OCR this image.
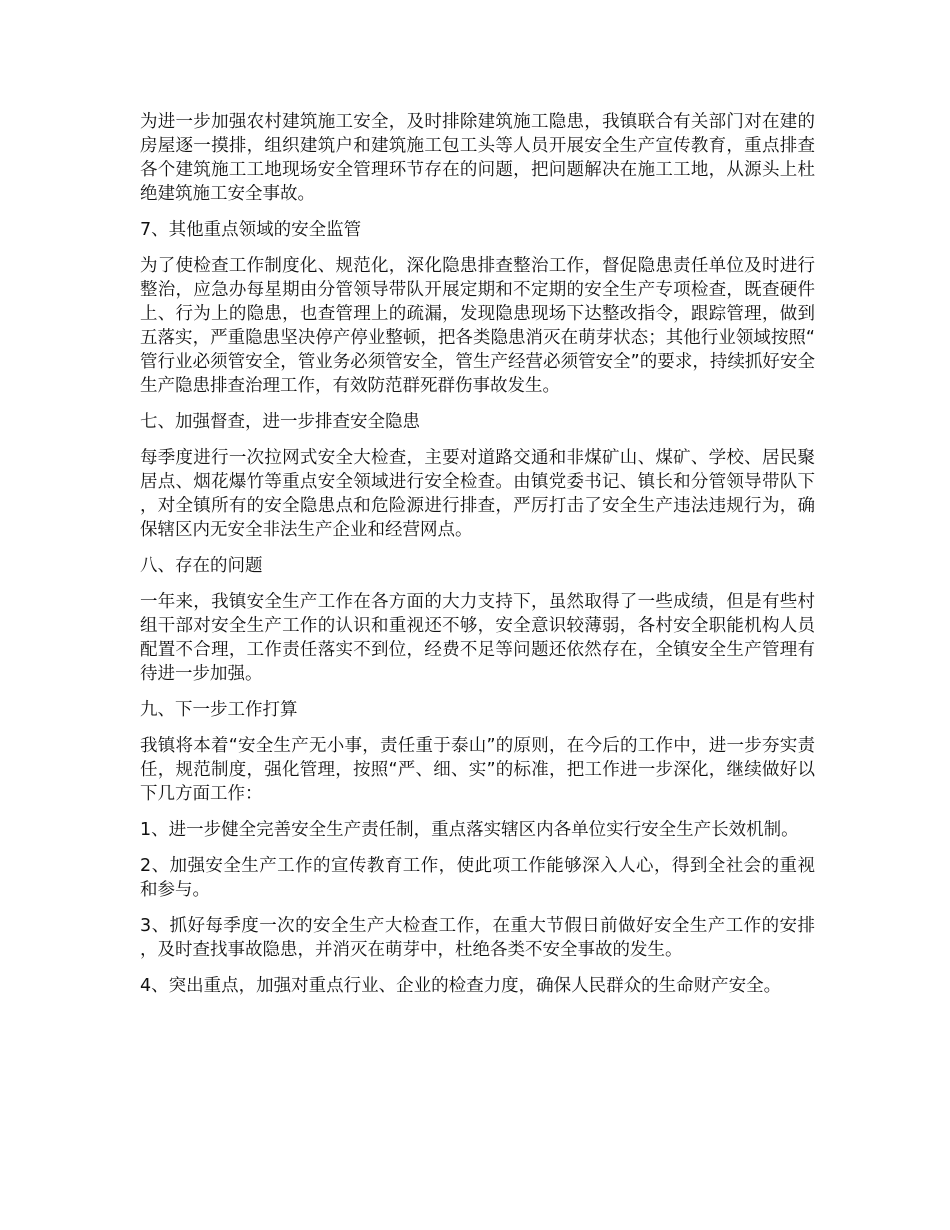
为进一步加强农村建筑施工安全，及时排除建筑施工隐患，我镇联合有关部门对在建的房屋逐一摸排，组织建筑户和建筑施工包工头等人员开展安全生产宣传教育，重点排查各个建筑施工工地现场安全管理环节存在的问题，把问题解决在施工工地，从源头上杜绝建筑施工安全事故。

7、其他重点领域的安全监管

为了使检查工作制度化、规范化，深化隐患排查整治工作，督促隐患责任单位及时进行整治，应急办每星期由分管领导带队开展定期和不定期的安全生产专项检查，既查硬件上、行为上的隐患，也查管理上的疏漏，发现隐患现场下达整改指令，跟踪管理，做到五落实，严重隐患坚决停产停业整顿，把各类隐患消灭在萌芽状态；其他行业领域按照“管行业必须管安全，管业务必须管安全，管生产经营必须管安全”的要求，持续抓好安全生产隐患排查治理工作，有效防范群死群伤事故发生。

七、加强督查，进一步排查安全隐患

每季度进行一次拉网式安全大检查，主要对道路交通和非煤矿山、煤矿、学校、居民聚居点、烟花爆竹等重点安全领域进行安全检查。由镇党委书记、镇长和分管领导带队下，对全镇所有的安全隐患点和危险源进行排查，严厉打击了安全生产违法违规行为，确保辖区内无安全非法生产企业和经营网点。

八、存在的问题

一年来，我镇安全生产工作在各方面的大力支持下，虽然取得了一些成绩，但是有些村组干部对安全生产工作的认识和重视还不够，安全意识较薄弱，各村安全职能机构人员配置不合理，工作责任落实不到位，经费不足等问题还依然存在，全镇安全生产管理有待进一步加强。

九、下一步工作打算

我镇将本着“安全生产无小事，责任重于泰山”的原则，在今后的工作中，进一步夯实责任，规范制度，强化管理，按照“严、细、实”的标准，把工作进一步深化，继续做好以下几方面工作：

1、进一步健全完善安全生产责任制，重点落实辖区内各单位实行安全生产长效机制。

2、加强安全生产工作的宣传教育工作，使此项工作能够深入人心，得到全社会的重视和参与。

3、抓好每季度一次的安全生产大检查工作，在重大节假日前做好安全生产工作的安排，及时查找事故隐患，并消灭在萌芽中，杜绝各类不安全事故的发生。

4、突出重点，加强对重点行业、企业的检查力度，确保人民群众的生命财产安全。
